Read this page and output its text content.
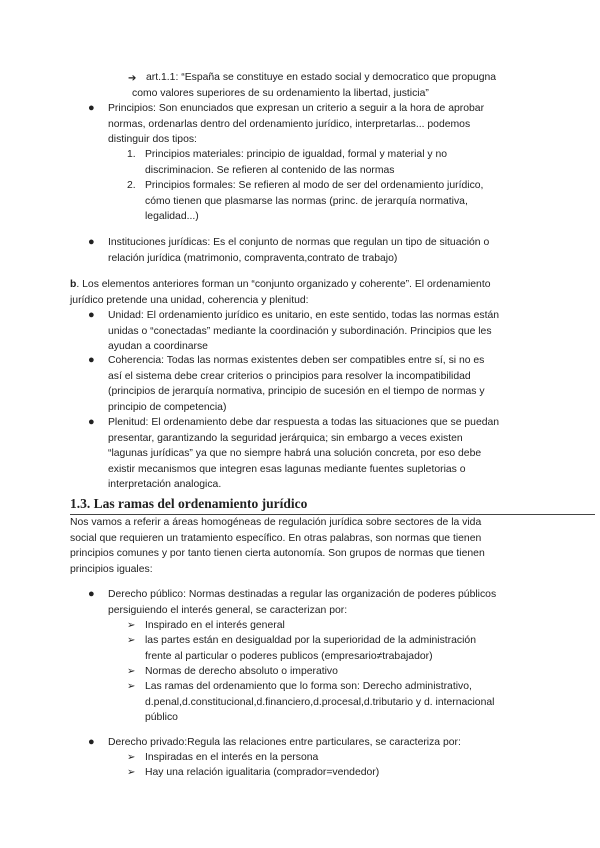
➔ art.1.1: “España se constituye en estado social y democratico que propugna
como valores superiores de su ordenamiento la libertad, justicia”
● Principios: Son enunciados que expresan un criterio a seguir a la hora de aprobar
normas, ordenarlas dentro del ordenamiento jurídico, interpretarlas... podemos
distinguir dos tipos:
1. Principios materiales: principio de igualdad, formal y material y no
discriminacion. Se refieren al contenido de las normas
2. Principios formales: Se refieren al modo de ser del ordenamiento jurídico,
cómo tienen que plasmarse las normas (princ. de jerarquía normativa,
legalidad...)
● Instituciones jurídicas: Es el conjunto de normas que regulan un tipo de situación o
relación jurídica (matrimonio, compraventa,contrato de trabajo)
b. Los elementos anteriores forman un “conjunto organizado y coherente”. El ordenamiento
jurídico pretende una unidad, coherencia y plenitud:
● Unidad: El ordenamiento jurídico es unitario, en este sentido, todas las normas están
unidas o “conectadas” mediante la coordinación y subordinación. Principios que les
ayudan a coordinarse
● Coherencia: Todas las normas existentes deben ser compatibles entre sí, si no es
así el sistema debe crear criterios o principios para resolver la incompatibilidad
(principios de jerarquía normativa, principio de sucesión en el tiempo de normas y
principio de competencia)
● Plenitud: El ordenamiento debe dar respuesta a todas las situaciones que se puedan
presentar, garantizando la seguridad jerárquica; sin embargo a veces existen
“lagunas jurídicas” ya que no siempre habrá una solución concreta, por eso debe
existir mecanismos que integren esas lagunas mediante fuentes supletorias o
interpretación analogica.
1.3. Las ramas del ordenamiento jurídico
Nos vamos a referir a áreas homogéneas de regulación jurídica sobre sectores de la vida
social que requieren un tratamiento específico. En otras palabras, son normas que tienen
principios comunes y por tanto tienen cierta autonomía. Son grupos de normas que tienen
principios iguales:
● Derecho público: Normas destinadas a regular las organización de poderes públicos
persiguiendo el interés general, se caracterizan por:
➢ Inspirado en el interés general
➢ las partes están en desigualdad por la superioridad de la administración
frente al particular o poderes publicos (empresario≠trabajador)
➢ Normas de derecho absoluto o imperativo
➢ Las ramas del ordenamiento que lo forma son: Derecho administrativo,
d.penal,d.constitucional,d.financiero,d.procesal,d.tributario y d. internacional
público
● Derecho privado:Regula las relaciones entre particulares, se caracteriza por:
➢ Inspiradas en el interés en la persona
➢ Hay una relación igualitaria (comprador=vendedor)
